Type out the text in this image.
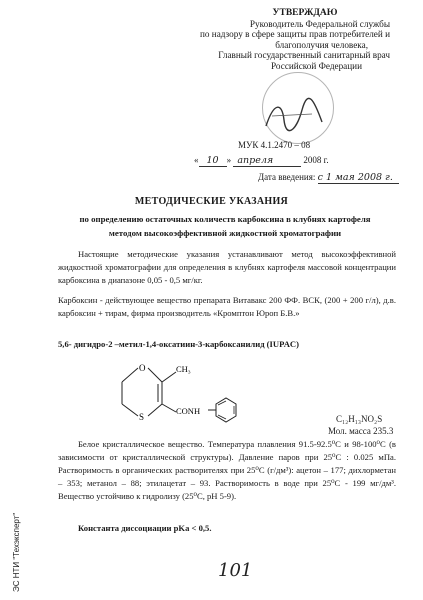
УТВЕРЖДАЮ
Руководитель Федеральной службы
по надзору в сфере защиты прав потребителей и
благополучия человека,
Главный государственный санитарный врач
Российской Федерации
МУК 4.1.2470 – 08
« 10 » апреля	2008 г.
Дата введения: с 1 мая 2008 г.
МЕТОДИЧЕСКИЕ УКАЗАНИЯ
по определению остаточных количеств карбоксина в клубнях картофеля
методом высокоэффективной жидкостной хроматографии
Настоящие методические указания устанавливают метод высокоэффективной жидкостной хроматографии для определения в клубнях картофеля массовой концентрации карбоксина в диапазоне 0,05 - 0,5 мг/кг.
Карбоксин - действующее вещество препарата Витавакс 200 ФФ. ВСК, (200 + 200 г/л), д.в. карбоксин + тирам, фирма производитель «Кромптон Юроп Б.В.»
5,6- дигидро-2 –метил-1,4-оксатиин-3-карбоксанилид (IUPAC)
O
S
CH₃
CONH
C₁₂H₁₃NO₂S
Мол. масса 235.3
Белое кристаллическое вещество. Температура плавления 91.5-92.5⁰С и 98-100⁰С (в зависимости от кристаллической структуры). Давление паров при 25⁰С : 0.025 мПа. Растворимость в органических растворителях при 25⁰С (г/дм³): ацетон – 177; дихлорметан – 353; метанол – 88; этилацетат – 93. Растворимость в воде при 25⁰С - 199 мг/дм³. Вещество устойчиво к гидролизу (25⁰С, pH 5-9).
Константа диссоциации pKa < 0,5.
101
ЭС НТИ "Техэксперт"
